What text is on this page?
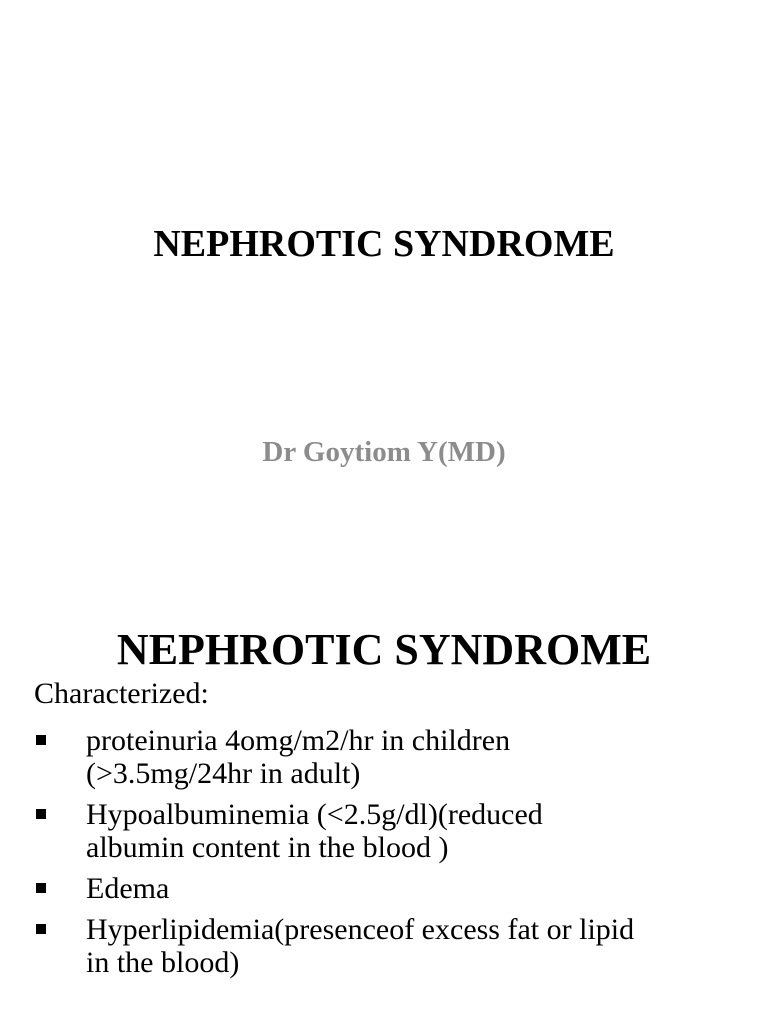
NEPHROTIC SYNDROME

Dr Goytiom Y(MD)

NEPHROTIC SYNDROME

Characterized:

proteinuria 4omg/m2/hr in children
(>3.5mg/24hr in adult)
Hypoalbuminemia (<2.5g/dl)(reduced
albumin content in the blood )
Edema
Hyperlipidemia(presenceof excess fat or lipid
in the blood)
